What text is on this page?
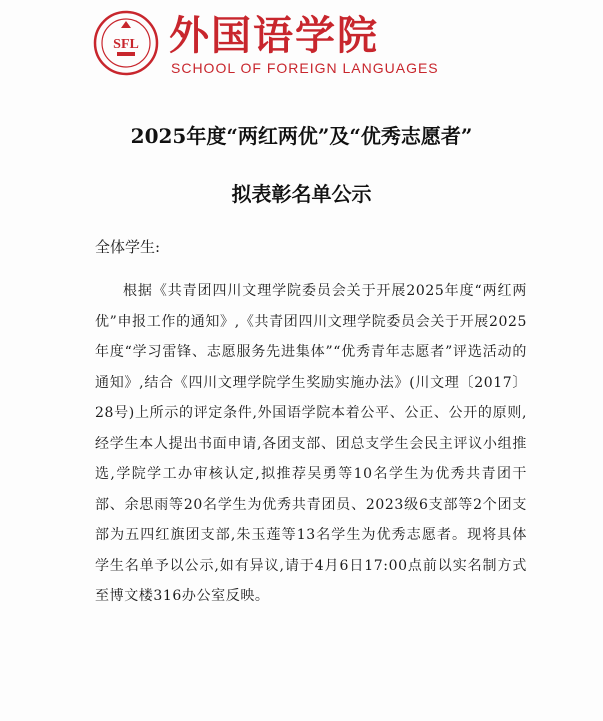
SFL 外国语学院
SCHOOL OF FOREIGN LANGUAGES
2025年度“两红两优”及“优秀志愿者”
拟表彰名单公示
全体学生:
根据《共青团四川文理学院委员会关于开展2025年度“两红两优”申报工作的通知》,《共青团四川文理学院委员会关于开展2025年度“学习雷锋、志愿服务先进集体”“优秀青年志愿者”评选活动的通知》,结合《四川文理学院学生奖励实施办法》(川文理〔2017〕28号)上所示的评定条件,外国语学院本着公平、公正、公开的原则,经学生本人提出书面申请,各团支部、团总支学生会民主评议小组推选,学院学工办审核认定,拟推荐吴勇等10名学生为优秀共青团干部、余思雨等20名学生为优秀共青团员、2023级6支部等2个团支部为五四红旗团支部,朱玉莲等13名学生为优秀志愿者。现将具体学生名单予以公示,如有异议,请于4月6日17:00点前以实名制方式至博文楼316办公室反映。
